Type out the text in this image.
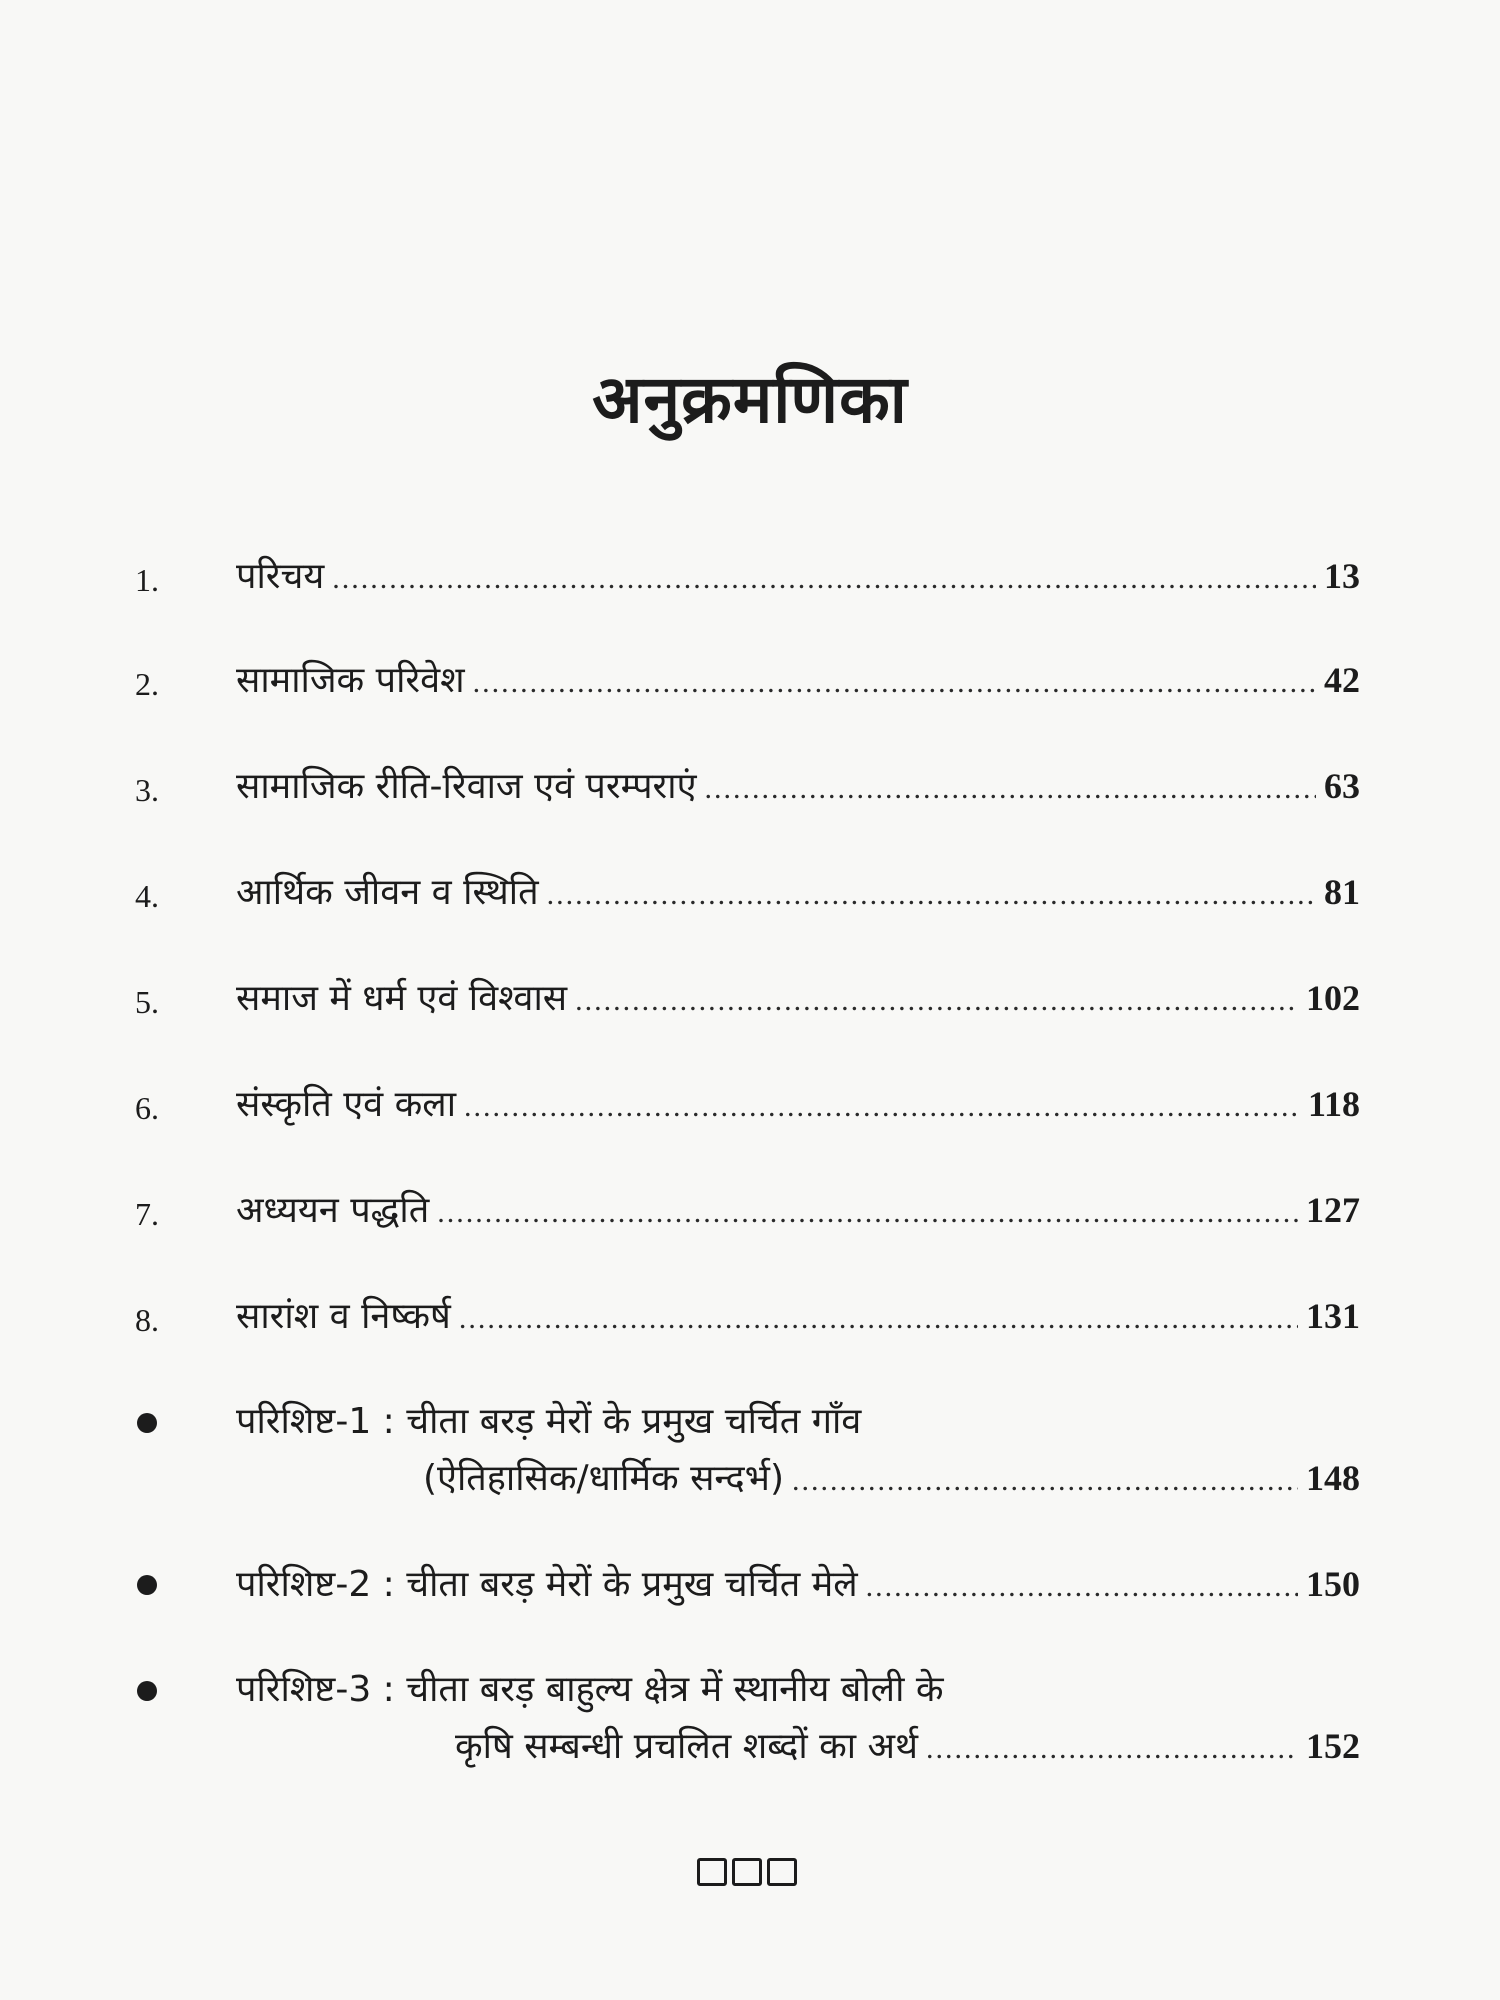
अनुक्रमणिका
1.	परिचय .....	13
2.	सामाजिक परिवेश .....	42
3.	सामाजिक रीति-रिवाज एवं परम्पराएं .....	63
4.	आर्थिक जीवन व स्थिति .....	81
5.	समाज में धर्म एवं विश्वास .....	102
6.	संस्कृति एवं कला .....	118
7.	अध्ययन पद्धति .....	127
8.	सारांश व निष्कर्ष .....	131
परिशिष्ट-1 : चीता बरड़ मेरों के प्रमुख चर्चित गाँव
(ऐतिहासिक/धार्मिक सन्दर्भ) .....	148
परिशिष्ट-2 : चीता बरड़ मेरों के प्रमुख चर्चित मेले .....	150
परिशिष्ट-3 : चीता बरड़ बाहुल्य क्षेत्र में स्थानीय बोली के
कृषि सम्बन्धी प्रचलित शब्दों का अर्थ .....	152
